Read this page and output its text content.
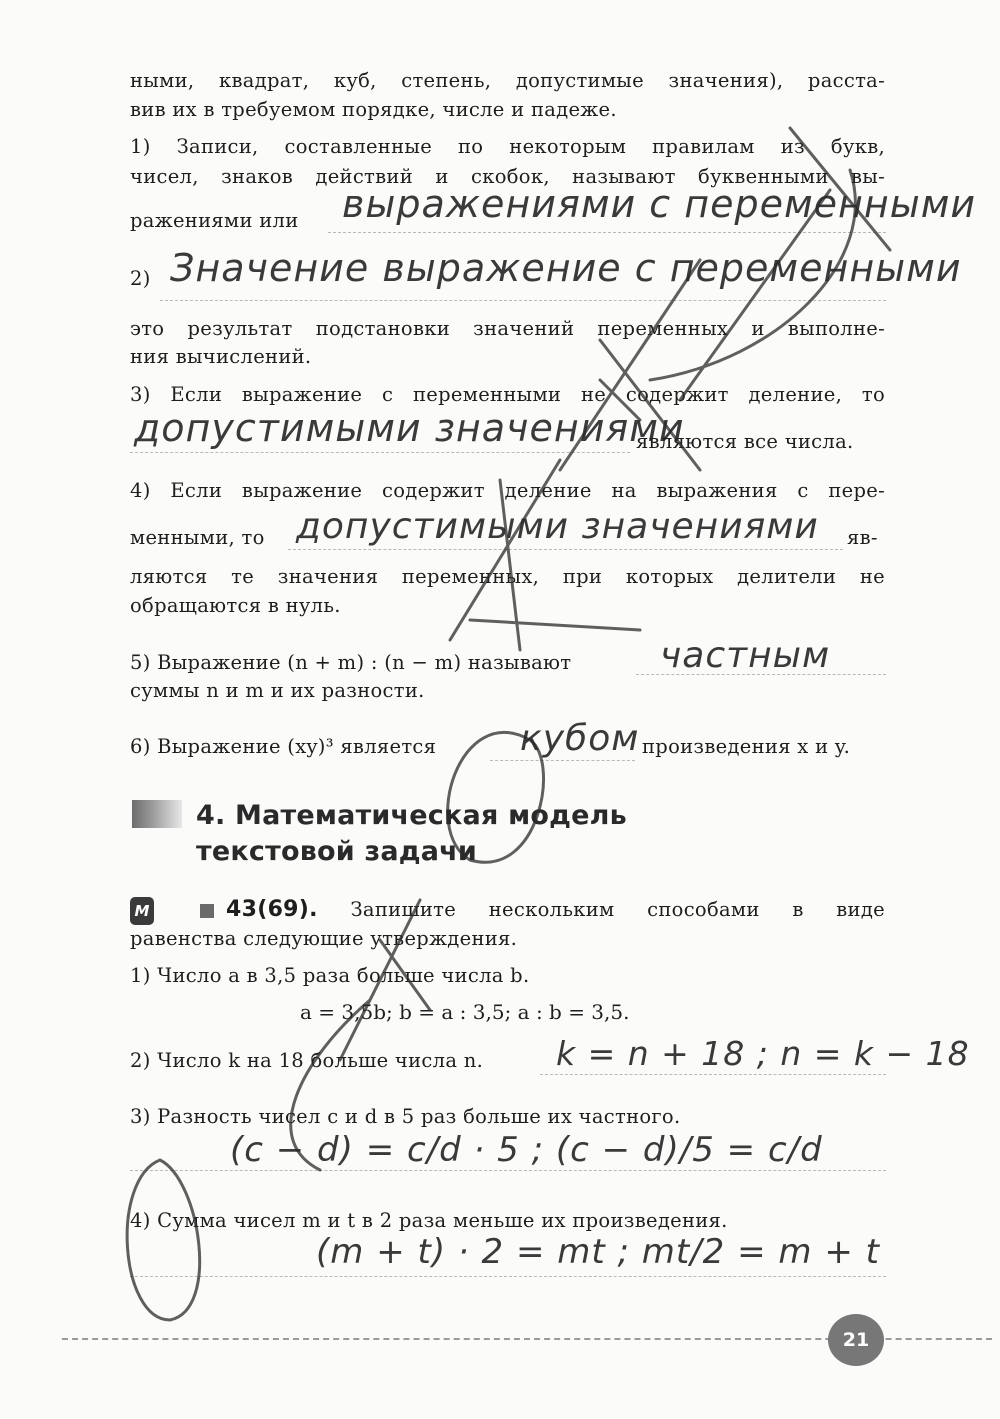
ными, квадрат, куб, степень, допустимые значения), расста-
вив их в требуемом порядке, числе и падеже.
1) Записи, составленные по некоторым правилам из букв,
чисел, знаков действий и скобок, называют буквенными вы-
ражениями или выражениями с переменными
2) Значение выражение с переменными
это результат подстановки значений переменных и выполне-
ния вычислений.
3) Если выражение с переменными не содержит деление, то
допустимыми значениями
являются все числа.
4) Если выражение содержит деление на выражения с пере-
менными, то допустимыми значениями яв-
ляются те значения переменных, при которых делители не
обращаются в нуль.
5) Выражение (n + m) : (n − m) называют частным
суммы n и m и их разности.
6) Выражение (xy)³ является кубом произведения x и y.
4. Математическая модель
текстовой задачи
М	43(69). Запишите нескольким способами в виде
равенства следующие утверждения.
1) Число a в 3,5 раза больше числа b.
a = 3,5b; b = a : 3,5; a : b = 3,5.
2) Число k на 18 больше числа n. k = n + 18 ; n = k − 18
3) Разность чисел c и d в 5 раз больше их частного.
(c − d) = c/d · 5 ; (c − d)/5 = c/d
4) Сумма чисел m и t в 2 раза меньше их произведения.
(m + t) · 2 = mt ; mt/2 = m + t
21
